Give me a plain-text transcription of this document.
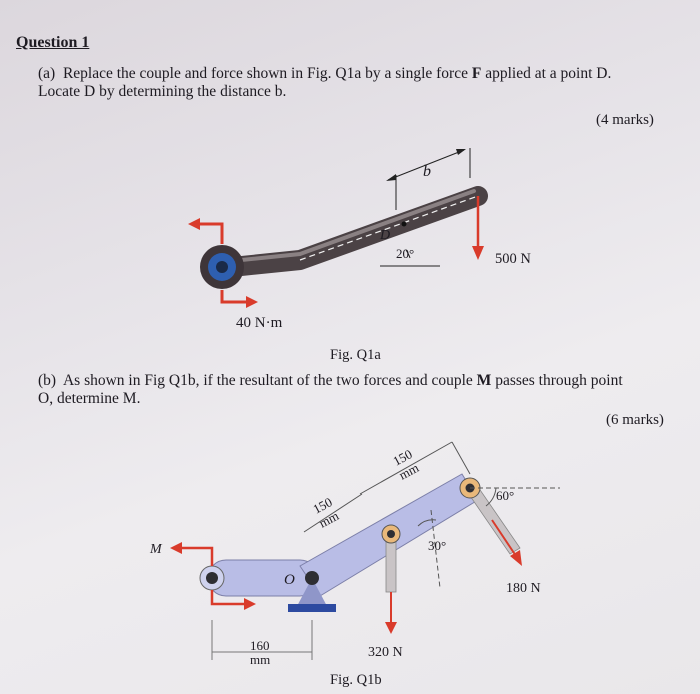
Question 1
(a) Replace the couple and force shown in Fig. Q1a by a single force F applied at a point D.
Locate D by determining the distance b.
(4 marks)
b
D
20°	500 N
40 N·m
Fig. Q1a
(b) As shown in Fig Q1b, if the resultant of the two forces and couple M passes through point
O, determine M.
(6 marks)
O
180 N
60°
30°
M
320 N
150
mm
150
mm
160
mm
Fig. Q1b
